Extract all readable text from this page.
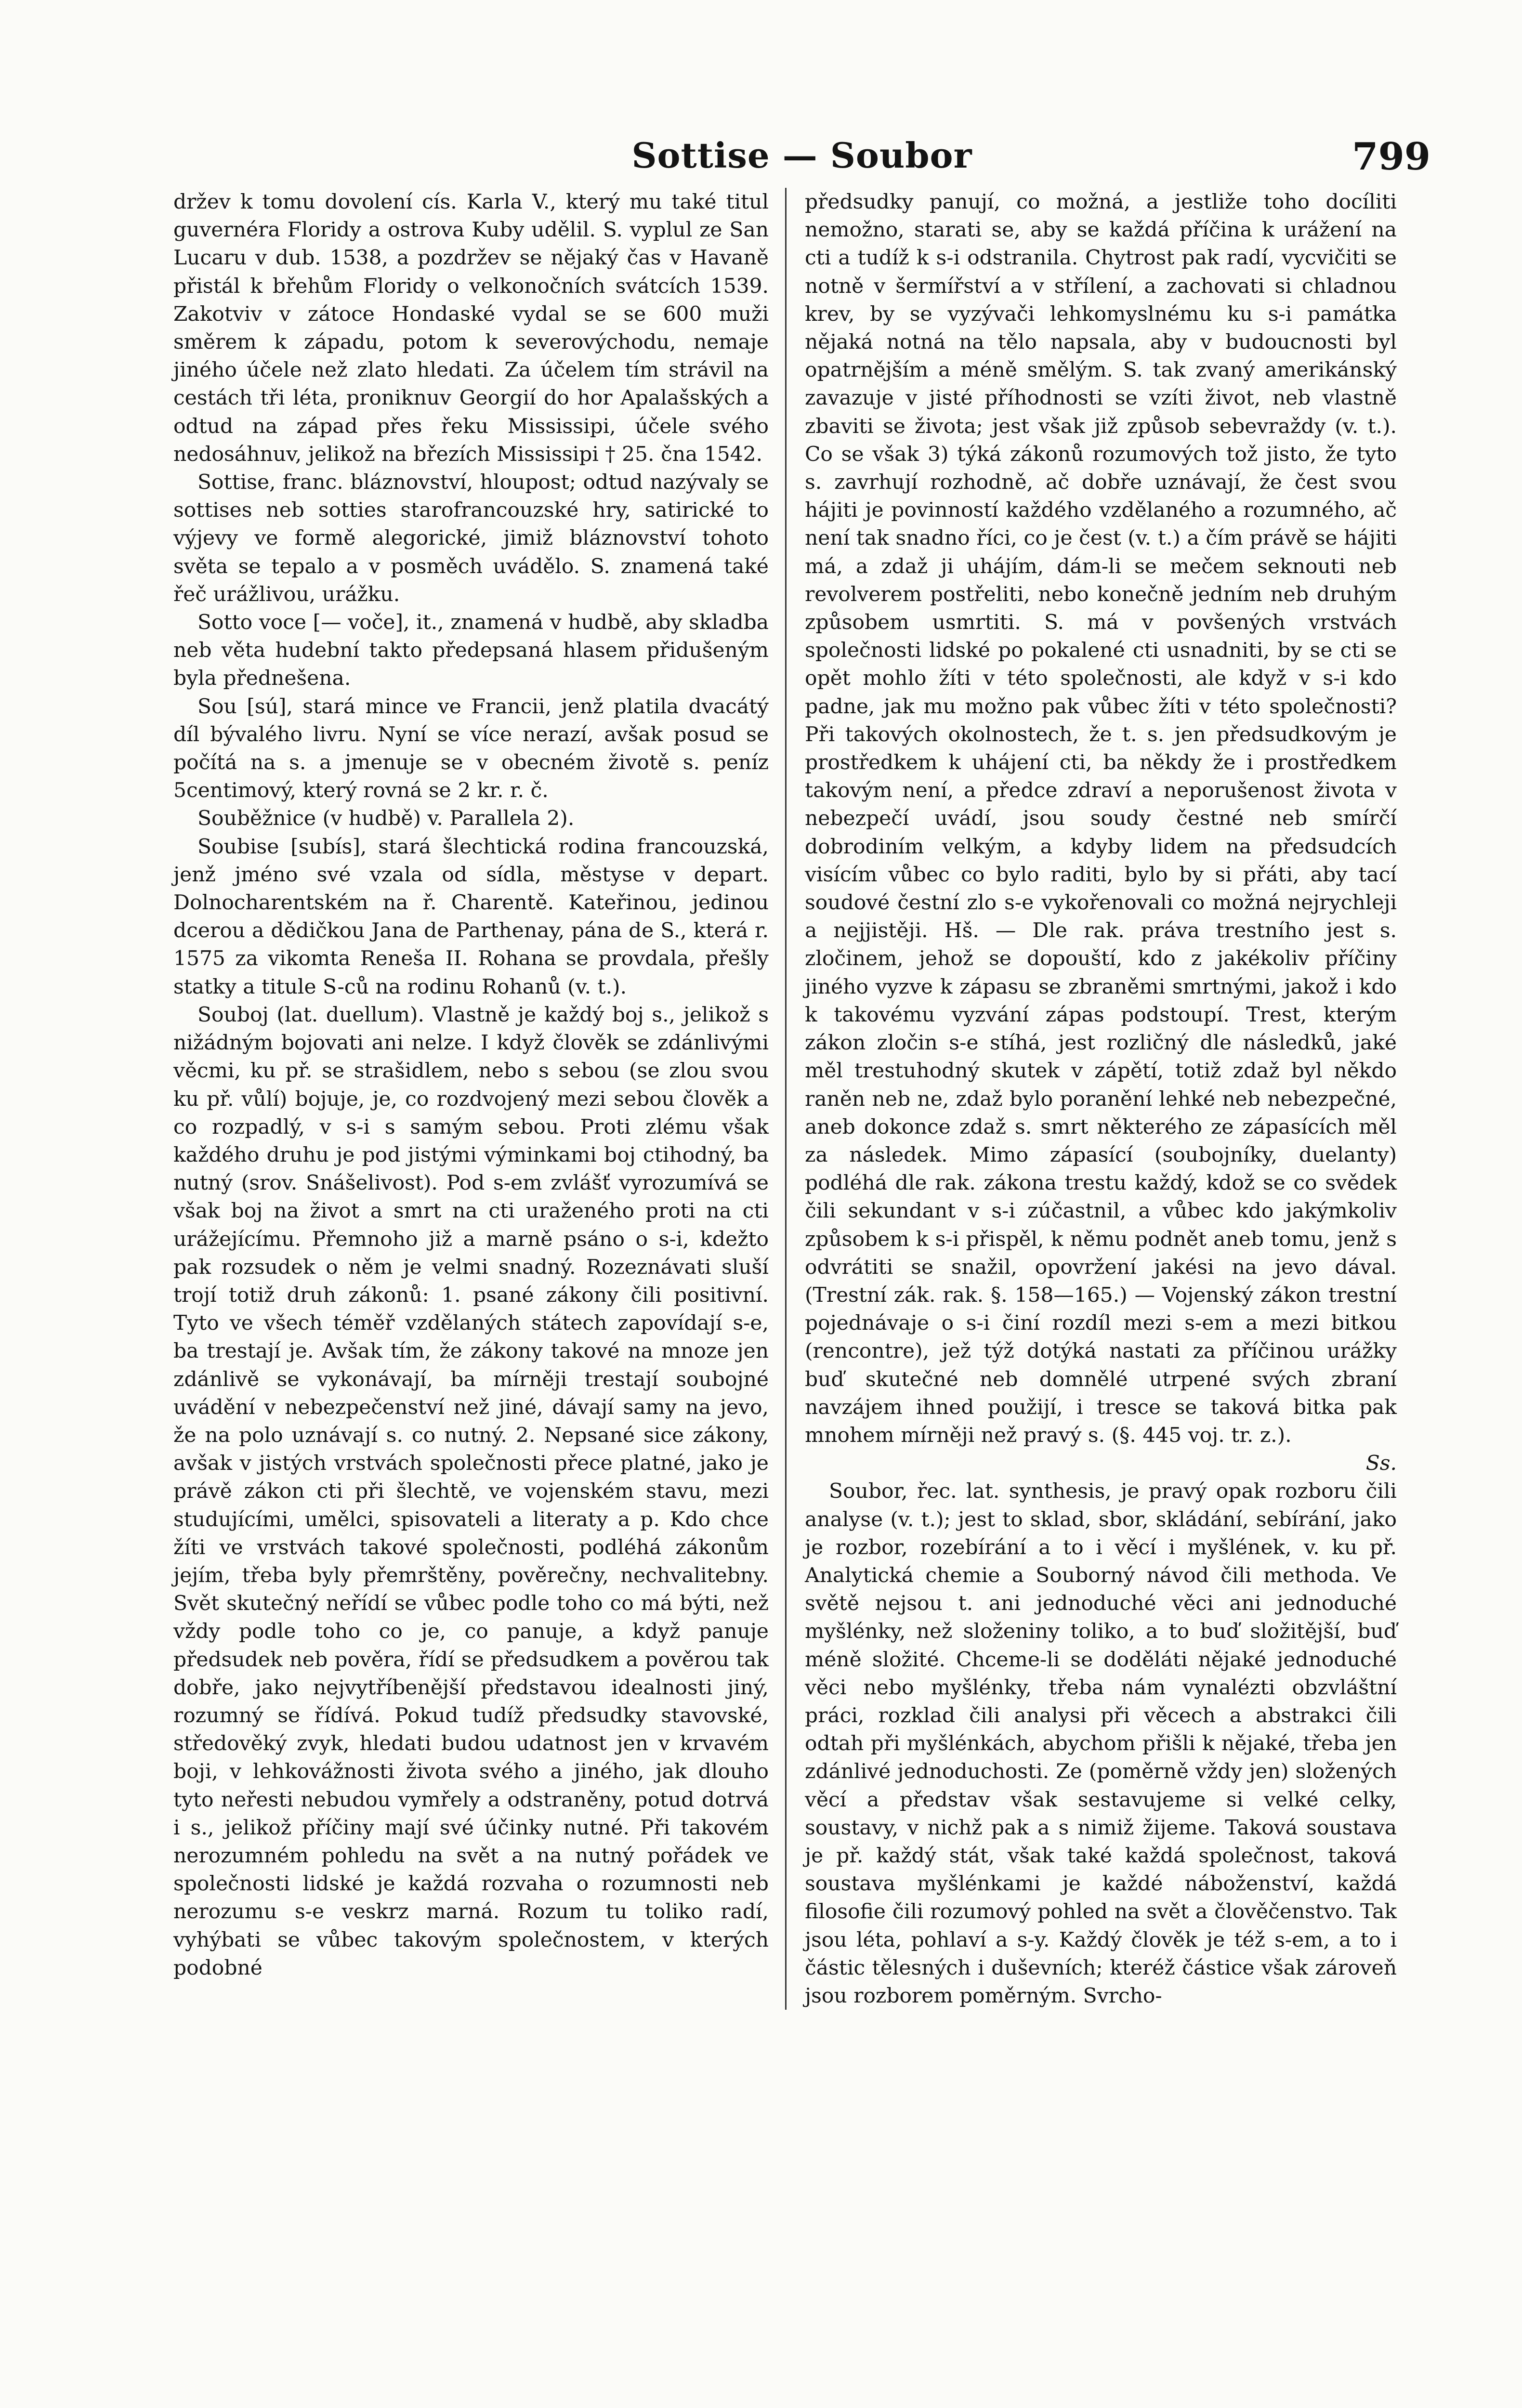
Sottise — Soubor	799

držev k tomu dovolení cís. Karla V., který mu také titul guvernéra Floridy a ostrova Kuby udělil. S. vyplul ze San Lucaru v dub. 1538, a pozdržev se nějaký čas v Havaně přistál k břehům Floridy o velkonočních svátcích 1539. Zakotviv v zátoce Hondaské vydal se se 600 muži směrem k západu, potom k severovýchodu, nemaje jiného účele než zlato hledati. Za účelem tím strávil na cestách tři léta, proniknuv Georgií do hor Apalašských a odtud na západ přes řeku Mississipi, účele svého nedosáhnuv, jelikož na březích Mississipi † 25. čna 1542.

Sottise, franc. bláznovství, hloupost; odtud nazývaly se sottises neb sotties starofrancouzské hry, satirické to výjevy ve formě alegorické, jimiž bláznovství tohoto světa se tepalo a v posměch uvádělo. S. znamená také řeč urážlivou, urážku.

Sotto voce [— voče], it., znamená v hudbě, aby skladba neb věta hudební takto předepsaná hlasem přidušeným byla přednešena.

Sou [sú], stará mince ve Francii, jenž platila dvacátý díl bývalého livru. Nyní se více nerazí, avšak posud se počítá na s. a jmenuje se v obecném životě s. peníz 5centimový, který rovná se 2 kr. r. č.

Souběžnice (v hudbě) v. Parallela 2).

Soubise [subís], stará šlechtická rodina francouzská, jenž jméno své vzala od sídla, městyse v depart. Dolnocharentském na ř. Charentě. Kateřinou, jedinou dcerou a dědičkou Jana de Parthenay, pána de S., která r. 1575 za vikomta Reneša II. Rohana se provdala, přešly statky a titule S-ců na rodinu Rohanů (v. t.).

Souboj (lat. duellum). Vlastně je každý boj s., jelikož s nižádným bojovati ani nelze. I když člověk se zdánlivými věcmi, ku př. se strašidlem, nebo s sebou (se zlou svou ku př. vůlí) bojuje, je, co rozdvojený mezi sebou člověk a co rozpadlý, v s-i s samým sebou. Proti zlému však každého druhu je pod jistými výminkami boj ctihodný, ba nutný (srov. Snášelivost). Pod s-em zvlášť vyrozumívá se však boj na život a smrt na cti uraženého proti na cti urážejícímu. Přemnoho již a marně psáno o s-i, kdežto pak rozsudek o něm je velmi snadný. Rozeznávati sluší trojí totiž druh zákonů: 1. psané zákony čili positivní. Tyto ve všech téměř vzdělaných státech zapovídají s-e, ba trestají je. Avšak tím, že zákony takové na mnoze jen zdánlivě se vykonávají, ba mírněji trestají soubojné uvádění v nebezpečenství než jiné, dávají samy na jevo, že na polo uznávají s. co nutný. 2. Nepsané sice zákony, avšak v jistých vrstvách společnosti přece platné, jako je právě zákon cti při šlechtě, ve vojenském stavu, mezi studujícími, umělci, spisovateli a literaty a p. Kdo chce žíti ve vrstvách takové společnosti, podléhá zákonům jejím, třeba byly přemrštěny, pověrečny, nechvalitebny. Svět skutečný neřídí se vůbec podle toho co má býti, než vždy podle toho co je, co panuje, a když panuje předsudek neb pověra, řídí se předsudkem a pověrou tak dobře, jako nejvytříbenější představou idealnosti jiný, rozumný se řídívá. Pokud tudíž předsudky stavovské, středověký zvyk, hledati budou udatnost jen v krvavém boji, v lehkovážnosti života svého a jiného, jak dlouho tyto neřesti nebudou vymřely a odstraněny, potud dotrvá i s., jelikož příčiny mají své účinky nutné. Při takovém nerozumném pohledu na svět a na nutný pořádek ve společnosti lidské je každá rozvaha o rozumnosti neb nerozumu s-e veskrz marná. Rozum tu toliko radí, vyhýbati se vůbec takovým společnostem, v kterých podobné

předsudky panují, co možná, a jestliže toho docíliti nemožno, starati se, aby se každá příčina k urážení na cti a tudíž k s-i odstranila. Chytrost pak radí, vycvičiti se notně v šermířství a v střílení, a zachovati si chladnou krev, by se vyzývači lehkomyslnému ku s-i památka nějaká notná na tělo napsala, aby v budoucnosti byl opatrnějším a méně smělým. S. tak zvaný amerikánský zavazuje v jisté příhodnosti se vzíti život, neb vlastně zbaviti se života; jest však již způsob sebevraždy (v. t.). Co se však 3) týká zákonů rozumových tož jisto, že tyto s. zavrhují rozhodně, ač dobře uznávají, že čest svou hájiti je povinností každého vzdělaného a rozumného, ač není tak snadno říci, co je čest (v. t.) a čím právě se hájiti má, a zdaž ji uhájím, dám-li se mečem seknouti neb revolverem postřeliti, nebo konečně jedním neb druhým způsobem usmrtiti. S. má v povšených vrstvách společnosti lidské po pokalené cti usnadniti, by se cti se opět mohlo žíti v této společnosti, ale když v s-i kdo padne, jak mu možno pak vůbec žíti v této společnosti? Při takových okolnostech, že t. s. jen předsudkovým je prostředkem k uhájení cti, ba někdy že i prostředkem takovým není, a předce zdraví a neporušenost života v nebezpečí uvádí, jsou soudy čestné neb smírčí dobrodiním velkým, a kdyby lidem na předsudcích visícím vůbec co bylo raditi, bylo by si přáti, aby tací soudové čestní zlo s-e vykořenovali co možná nejrychleji a nejjistěji. Hš. — Dle rak. práva trestního jest s. zločinem, jehož se dopouští, kdo z jakékoliv příčiny jiného vyzve k zápasu se zbraněmi smrtnými, jakož i kdo k takovému vyzvání zápas podstoupí. Trest, kterým zákon zločin s-e stíhá, jest rozličný dle následků, jaké měl trestuhodný skutek v zápětí, totiž zdaž byl někdo raněn neb ne, zdaž bylo poranění lehké neb nebezpečné, aneb dokonce zdaž s. smrt některého ze zápasících měl za následek. Mimo zápasící (soubojníky, duelanty) podléhá dle rak. zákona trestu každý, kdož se co svědek čili sekundant v s-i zúčastnil, a vůbec kdo jakýmkoliv způsobem k s-i přispěl, k němu podnět aneb tomu, jenž s odvrátiti se snažil, opovržení jakési na jevo dával. (Trestní zák. rak. §. 158—165.) — Vojenský zákon trestní pojednávaje o s-i činí rozdíl mezi s-em a mezi bitkou (rencontre), jež týž dotýká nastati za příčinou urážky buď skutečné neb domnělé utrpené svých zbraní navzájem ihned použijí, i tresce se taková bitka pak mnohem mírněji než pravý s. (§. 445 voj. tr. z.).

Ss.

Soubor, řec. lat. synthesis, je pravý opak rozboru čili analyse (v. t.); jest to sklad, sbor, skládání, sebírání, jako je rozbor, rozebírání a to i věcí i myšlének, v. ku př. Analytická chemie a Souborný návod čili methoda. Ve světě nejsou t. ani jednoduché věci ani jednoduché myšlénky, než složeniny toliko, a to buď složitější, buď méně složité. Chceme-li se doděláti nějaké jednoduché věci nebo myšlénky, třeba nám vynalézti obzvláštní práci, rozklad čili analysi při věcech a abstrakci čili odtah při myšlénkách, abychom přišli k nějaké, třeba jen zdánlivé jednoduchosti. Ze (poměrně vždy jen) složených věcí a představ však sestavujeme si velké celky, soustavy, v nichž pak a s nimiž žijeme. Taková soustava je př. každý stát, však také každá společnost, taková soustava myšlénkami je každé náboženství, každá filosofie čili rozumový pohled na svět a člověčenstvo. Tak jsou léta, pohlaví a s-y. Každý člověk je též s-em, a to i částic tělesných i duševních; kteréž částice však zároveň jsou rozborem poměrným. Svrcho-
